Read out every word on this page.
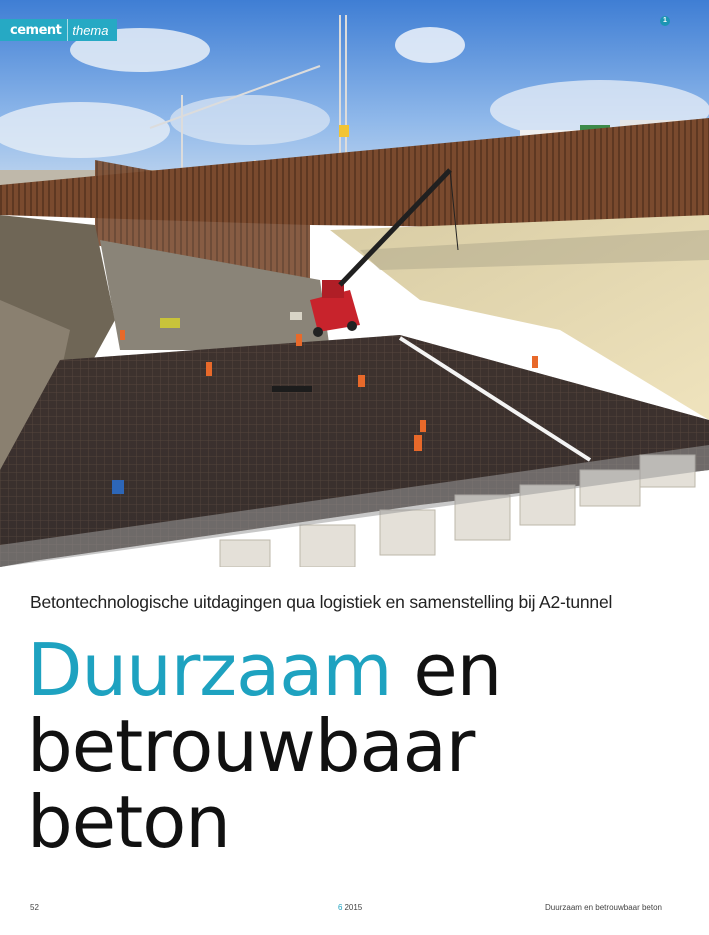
cement thema
1
Betontechnologische uitdagingen qua logistiek en samenstelling bij A2-tunnel
Duurzaam en
betrouwbaar
beton
52	6 2015	Duurzaam en betrouwbaar beton
